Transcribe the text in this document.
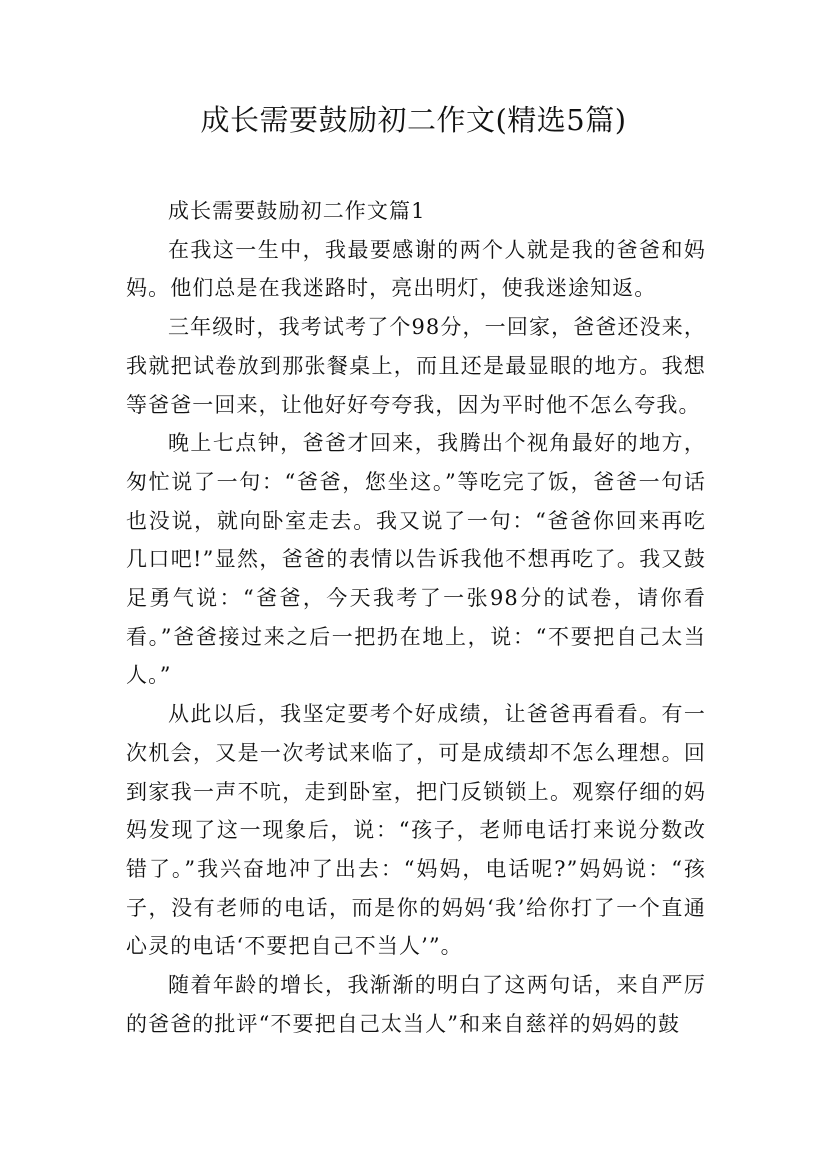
成长需要鼓励初二作文(精选5篇)

成长需要鼓励初二作文篇1

在我这一生中，我最要感谢的两个人就是我的爸爸和妈妈。他们总是在我迷路时，亮出明灯，使我迷途知返。

三年级时，我考试考了个98分，一回家，爸爸还没来，我就把试卷放到那张餐桌上，而且还是最显眼的地方。我想等爸爸一回来，让他好好夸夸我，因为平时他不怎么夸我。

晚上七点钟，爸爸才回来，我腾出个视角最好的地方，匆忙说了一句：“爸爸，您坐这。”等吃完了饭，爸爸一句话也没说，就向卧室走去。我又说了一句：“爸爸你回来再吃几口吧!”显然，爸爸的表情以告诉我他不想再吃了。我又鼓足勇气说：“爸爸，今天我考了一张98分的试卷，请你看看。”爸爸接过来之后一把扔在地上，说：“不要把自己太当人。”

从此以后，我坚定要考个好成绩，让爸爸再看看。有一次机会，又是一次考试来临了，可是成绩却不怎么理想。回到家我一声不吭，走到卧室，把门反锁锁上。观察仔细的妈妈发现了这一现象后，说：“孩子，老师电话打来说分数改错了。”我兴奋地冲了出去：“妈妈，电话呢?”妈妈说：“孩子，没有老师的电话，而是你的妈妈‘我’给你打了一个直通心灵的电话‘不要把自己不当人’”。

随着年龄的增长，我渐渐的明白了这两句话，来自严厉的爸爸的批评“不要把自己太当人”和来自慈祥的妈妈的鼓
